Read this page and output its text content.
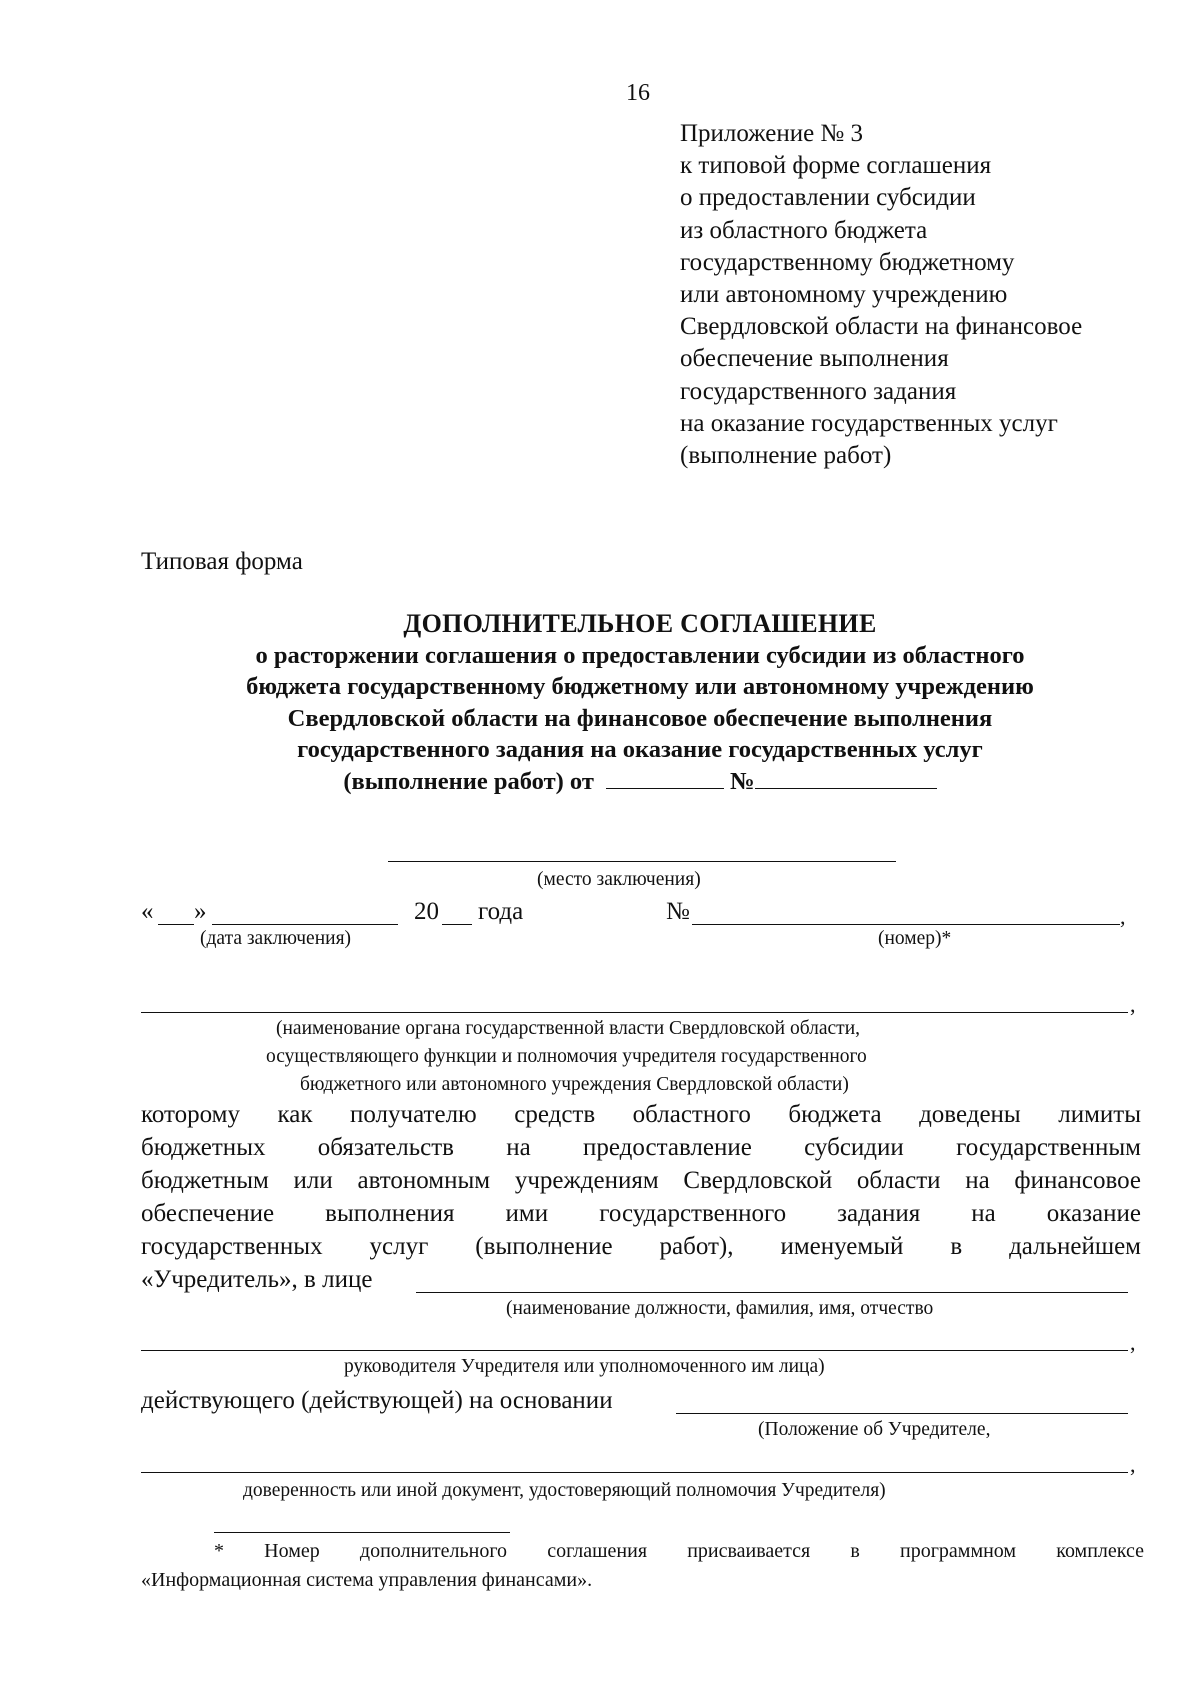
16
Приложение № 3
к типовой форме соглашения
о предоставлении субсидии
из областного бюджета
государственному бюджетному
или автономному учреждению
Свердловской области на финансовое
обеспечение выполнения
государственного задания
на оказание государственных услуг
(выполнение работ)
Типовая форма
ДОПОЛНИТЕЛЬНОЕ СОГЛАШЕНИЕ
о расторжении соглашения о предоставлении субсидии из областного
бюджета государственному бюджетному или автономному учреждению
Свердловской области на финансовое обеспечение выполнения
государственного задания на оказание государственных услуг
(выполнение работ) от	№
(место заключения)
« »	20 года	№	,
(дата заключения)	(номер)*
,
(наименование органа государственной власти Свердловской области,
осуществляющего функции и полномочия учредителя государственного
бюджетного или автономного учреждения Свердловской области)
которому как получателю средств областного бюджета доведены лимиты
бюджетных обязательств на предоставление субсидии государственным
бюджетным или автономным учреждениям Свердловской области на финансовое
обеспечение выполнения ими государственного задания на оказание
государственных услуг (выполнение работ), именуемый в дальнейшем
«Учредитель», в лице
(наименование должности, фамилия, имя, отчество
,
руководителя Учредителя или уполномоченного им лица)
действующего (действующей) на основании
(Положение об Учредителе,
,
доверенность или иной документ, удостоверяющий полномочия Учредителя)
* Номер дополнительного соглашения присваивается в программном комплексе
«Информационная система управления финансами».
